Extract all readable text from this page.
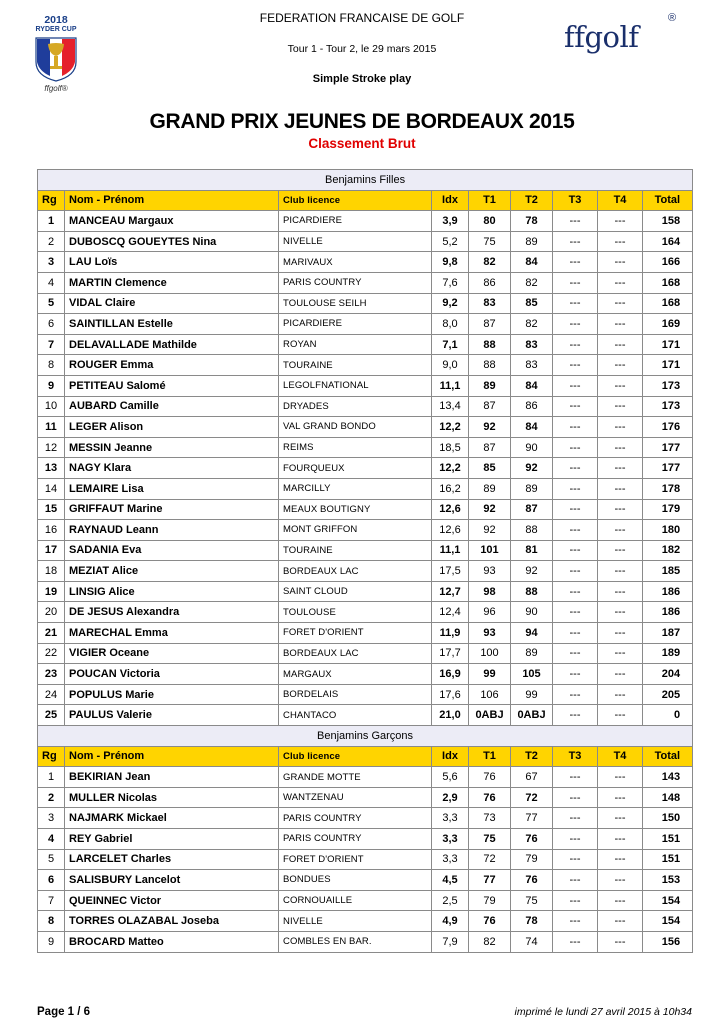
2018
RYDER CUP
ffgolf®
FEDERATION FRANCAISE DE GOLF
Tour 1 - Tour 2, le 29 mars 2015
Simple Stroke play
ffgolf
®
GRAND PRIX JEUNES DE BORDEAUX 2015
Classement Brut
Benjamins Filles								
Rg	Nom - Prénom	Club licence	Idx	T1	T2	T3	T4	Total
1	MANCEAU Margaux	PICARDIERE	3,9	80	78	---	---	158
2	DUBOSCQ GOUEYTES Nina	NIVELLE	5,2	75	89	---	---	164
3	LAU Loïs	MARIVAUX	9,8	82	84	---	---	166
4	MARTIN Clemence	PARIS COUNTRY	7,6	86	82	---	---	168
5	VIDAL Claire	TOULOUSE SEILH	9,2	83	85	---	---	168
6	SAINTILLAN Estelle	PICARDIERE	8,0	87	82	---	---	169
7	DELAVALLADE Mathilde	ROYAN	7,1	88	83	---	---	171
8	ROUGER Emma	TOURAINE	9,0	88	83	---	---	171
9	PETITEAU Salomé	LEGOLFNATIONAL	11,1	89	84	---	---	173
10	AUBARD Camille	DRYADES	13,4	87	86	---	---	173
11	LEGER Alison	VAL GRAND BONDO	12,2	92	84	---	---	176
12	MESSIN Jeanne	REIMS	18,5	87	90	---	---	177
13	NAGY Klara	FOURQUEUX	12,2	85	92	---	---	177
14	LEMAIRE Lisa	MARCILLY	16,2	89	89	---	---	178
15	GRIFFAUT Marine	MEAUX BOUTIGNY	12,6	92	87	---	---	179
16	RAYNAUD Leann	MONT GRIFFON	12,6	92	88	---	---	180
17	SADANIA Eva	TOURAINE	11,1	101	81	---	---	182
18	MEZIAT Alice	BORDEAUX LAC	17,5	93	92	---	---	185
19	LINSIG Alice	SAINT CLOUD	12,7	98	88	---	---	186
20	DE JESUS Alexandra	TOULOUSE	12,4	96	90	---	---	186
21	MARECHAL Emma	FORET D'ORIENT	11,9	93	94	---	---	187
22	VIGIER Oceane	BORDEAUX LAC	17,7	100	89	---	---	189
23	POUCAN Victoria	MARGAUX	16,9	99	105	---	---	204
24	POPULUS Marie	BORDELAIS	17,6	106	99	---	---	205
25	PAULUS Valerie	CHANTACO	21,0	0ABJ	0ABJ	---	---	0
Benjamins Garçons								
Rg	Nom - Prénom	Club licence	Idx	T1	T2	T3	T4	Total
1	BEKIRIAN Jean	GRANDE MOTTE	5,6	76	67	---	---	143
2	MULLER Nicolas	WANTZENAU	2,9	76	72	---	---	148
3	NAJMARK Mickael	PARIS COUNTRY	3,3	73	77	---	---	150
4	REY Gabriel	PARIS COUNTRY	3,3	75	76	---	---	151
5	LARCELET Charles	FORET D'ORIENT	3,3	72	79	---	---	151
6	SALISBURY Lancelot	BONDUES	4,5	77	76	---	---	153
7	QUEINNEC Victor	CORNOUAILLE	2,5	79	75	---	---	154
8	TORRES OLAZABAL Joseba	NIVELLE	4,9	76	78	---	---	154
9	BROCARD Matteo	COMBLES EN BAR.	7,9	82	74	---	---	156
Page 1 / 6	imprimé le lundi 27 avril 2015 à 10h34
